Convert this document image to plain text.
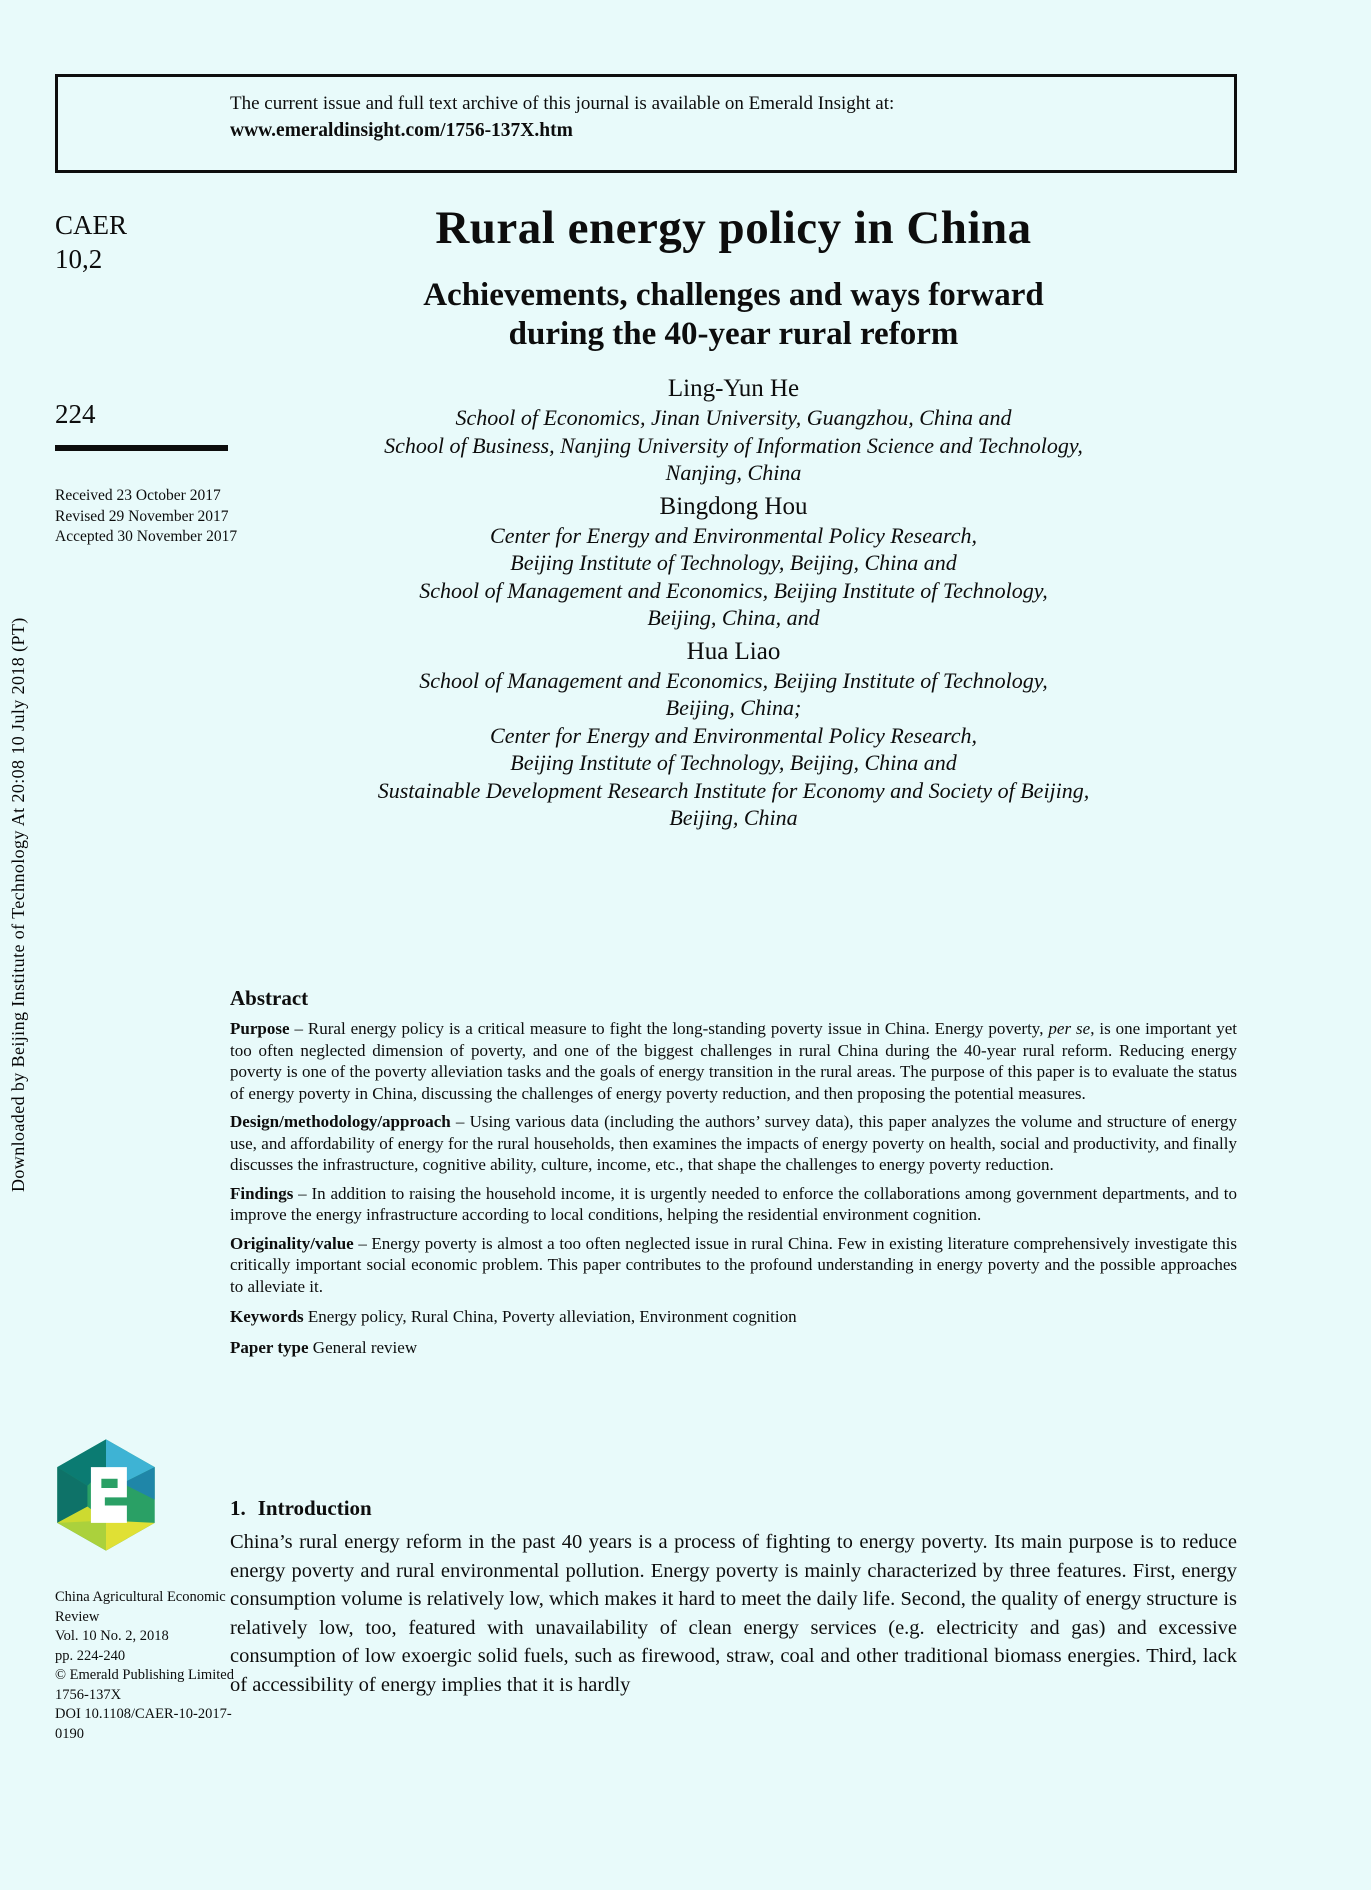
Downloaded by Beijing Institute of Technology At 20:08 10 July 2018 (PT)
The current issue and full text archive of this journal is available on Emerald Insight at:
www.emeraldinsight.com/1756-137X.htm
CAER
10,2
224
Received 23 October 2017
Revised 29 November 2017
Accepted 30 November 2017
China Agricultural Economic Review
Vol. 10 No. 2, 2018
pp. 224-240
© Emerald Publishing Limited
1756-137X
DOI 10.1108/CAER-10-2017-0190
Rural energy policy in China
Achievements, challenges and ways forward
during the 40-year rural reform
Ling-Yun He
School of Economics, Jinan University, Guangzhou, China and
School of Business, Nanjing University of Information Science and Technology,
Nanjing, China
Bingdong Hou
Center for Energy and Environmental Policy Research,
Beijing Institute of Technology, Beijing, China and
School of Management and Economics, Beijing Institute of Technology,
Beijing, China, and
Hua Liao
School of Management and Economics, Beijing Institute of Technology,
Beijing, China;
Center for Energy and Environmental Policy Research,
Beijing Institute of Technology, Beijing, China and
Sustainable Development Research Institute for Economy and Society of Beijing,
Beijing, China
Abstract

Purpose – Rural energy policy is a critical measure to fight the long-standing poverty issue in China. Energy poverty, per se, is one important yet too often neglected dimension of poverty, and one of the biggest challenges in rural China during the 40-year rural reform. Reducing energy poverty is one of the poverty alleviation tasks and the goals of energy transition in the rural areas. The purpose of this paper is to evaluate the status of energy poverty in China, discussing the challenges of energy poverty reduction, and then proposing the potential measures.

Design/methodology/approach – Using various data (including the authors’ survey data), this paper analyzes the volume and structure of energy use, and affordability of energy for the rural households, then examines the impacts of energy poverty on health, social and productivity, and finally discusses the infrastructure, cognitive ability, culture, income, etc., that shape the challenges to energy poverty reduction.

Findings – In addition to raising the household income, it is urgently needed to enforce the collaborations among government departments, and to improve the energy infrastructure according to local conditions, helping the residential environment cognition.

Originality/value – Energy poverty is almost a too often neglected issue in rural China. Few in existing literature comprehensively investigate this critically important social economic problem. This paper contributes to the profound understanding in energy poverty and the possible approaches to alleviate it.

Keywords Energy policy, Rural China, Poverty alleviation, Environment cognition

Paper type General review

1. Introduction
China’s rural energy reform in the past 40 years is a process of fighting to energy poverty. Its main purpose is to reduce energy poverty and rural environmental pollution. Energy poverty is mainly characterized by three features. First, energy consumption volume is relatively low, which makes it hard to meet the daily life. Second, the quality of energy structure is relatively low, too, featured with unavailability of clean energy services (e.g. electricity and gas) and excessive consumption of low exoergic solid fuels, such as firewood, straw, coal and other traditional biomass energies. Third, lack of accessibility of energy implies that it is hardly
